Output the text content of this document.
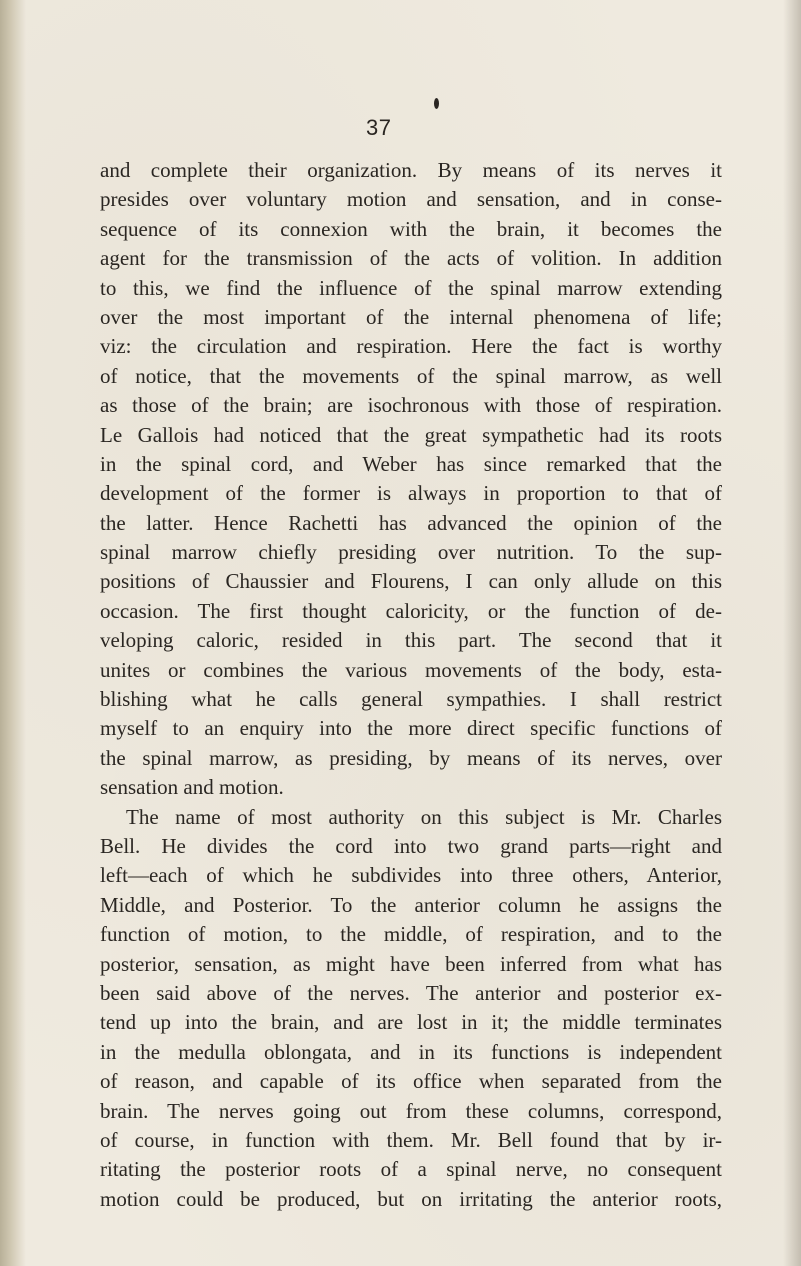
37
and complete their organization. By means of its nerves it
presides over voluntary motion and sensation, and in conse-
sequence of its connexion with the brain, it becomes the
agent for the transmission of the acts of volition. In addition
to this, we find the influence of the spinal marrow extending
over the most important of the internal phenomena of life;
viz: the circulation and respiration. Here the fact is worthy
of notice, that the movements of the spinal marrow, as well
as those of the brain; are isochronous with those of respiration.
Le Gallois had noticed that the great sympathetic had its roots
in the spinal cord, and Weber has since remarked that the
development of the former is always in proportion to that of
the latter. Hence Rachetti has advanced the opinion of the
spinal marrow chiefly presiding over nutrition. To the sup-
positions of Chaussier and Flourens, I can only allude on this
occasion. The first thought caloricity, or the function of de-
veloping caloric, resided in this part. The second that it
unites or combines the various movements of the body, esta-
blishing what he calls general sympathies. I shall restrict
myself to an enquiry into the more direct specific functions of
the spinal marrow, as presiding, by means of its nerves, over
sensation and motion.
The name of most authority on this subject is Mr. Charles
Bell. He divides the cord into two grand parts—right and
left—each of which he subdivides into three others, Anterior,
Middle, and Posterior. To the anterior column he assigns the
function of motion, to the middle, of respiration, and to the
posterior, sensation, as might have been inferred from what has
been said above of the nerves. The anterior and posterior ex-
tend up into the brain, and are lost in it; the middle terminates
in the medulla oblongata, and in its functions is independent
of reason, and capable of its office when separated from the
brain. The nerves going out from these columns, correspond,
of course, in function with them. Mr. Bell found that by ir-
ritating the posterior roots of a spinal nerve, no consequent
motion could be produced, but on irritating the anterior roots,
